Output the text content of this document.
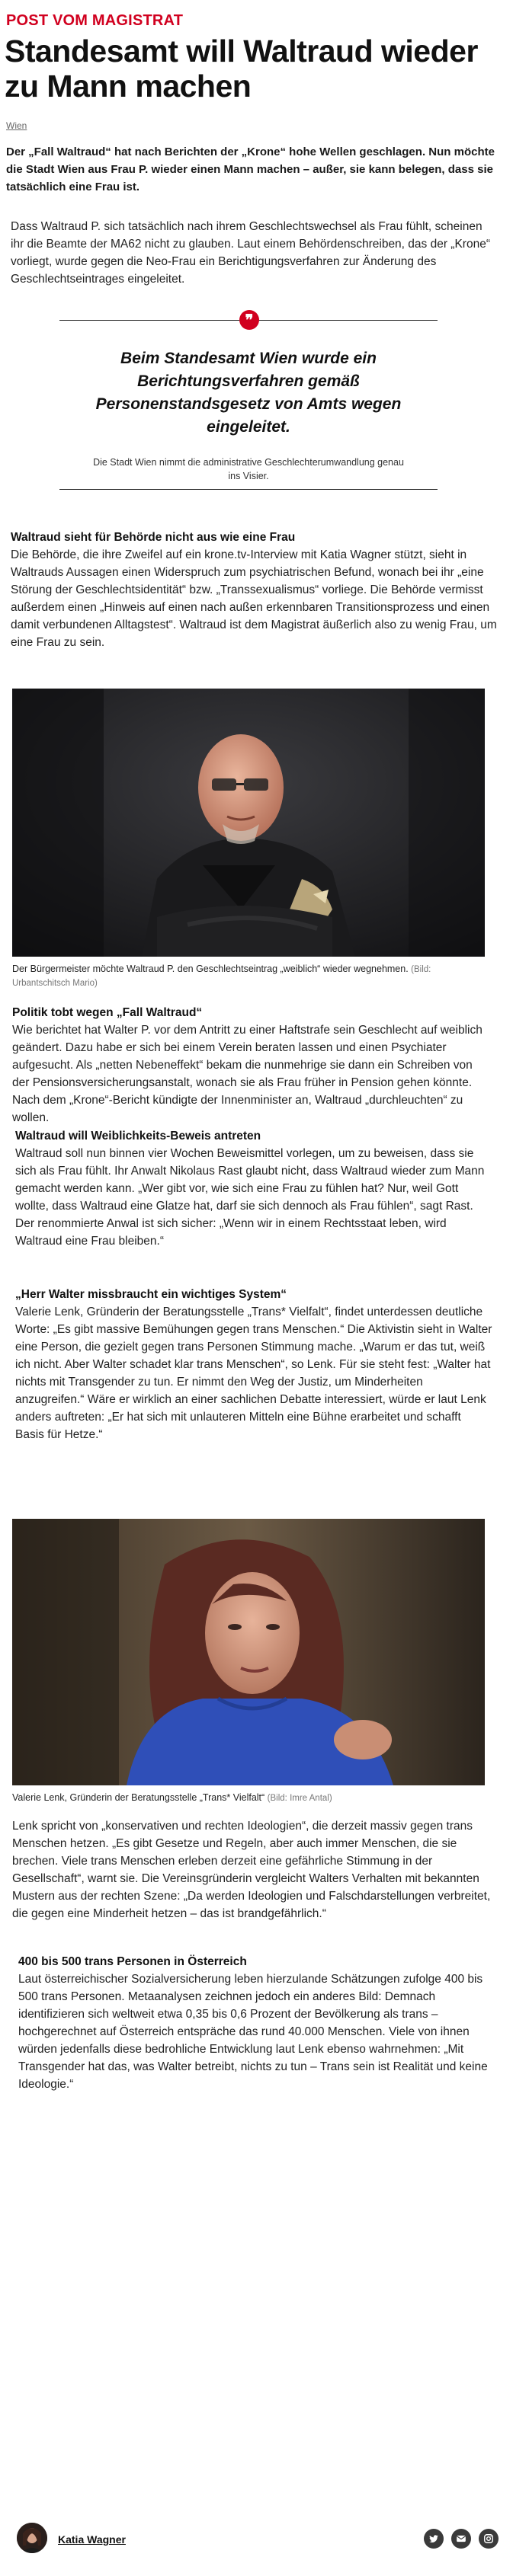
POST VOM MAGISTRAT
Standesamt will Waltraud wieder zu Mann machen
Wien
Der „Fall Waltraud“ hat nach Berichten der „Krone“ hohe Wellen geschlagen. Nun möchte die Stadt Wien aus Frau P. wieder einen Mann machen – außer, sie kann belegen, dass sie tatsächlich eine Frau ist.

Dass Waltraud P. sich tatsächlich nach ihrem Geschlechtswechsel als Frau fühlt, scheinen ihr die Beamte der MA62 nicht zu glauben. Laut einem Behördenschreiben, das der „Krone“ vorliegt, wurde gegen die Neo-Frau ein Berichtigungsverfahren zur Änderung des Geschlechtseintrages eingeleitet.

❞
Beim Standesamt Wien wurde ein Berichtungsverfahren gemäß Personenstandsgesetz von Amts wegen eingeleitet.
Die Stadt Wien nimmt die administrative Geschlechterumwandlung genau ins Visier.

Waltraud sieht für Behörde nicht aus wie eine Frau

Die Behörde, die ihre Zweifel auf ein krone.tv-Interview mit Katia Wagner stützt, sieht in Waltrauds Aussagen einen Widerspruch zum psychiatrischen Befund, wonach bei ihr „eine Störung der Geschlechtsidentität“ bzw. „Transsexualismus“ vorliege. Die Behörde vermisst außerdem einen „Hinweis auf einen nach außen erkennbaren Transitionsprozess und einen damit verbundenen Alltagstest“. Waltraud ist dem Magistrat äußerlich also zu wenig Frau, um eine Frau zu sein.

Der Bürgermeister möchte Waltraud P. den Geschlechtseintrag „weiblich“ wieder wegnehmen. (Bild: Urbantschitsch Mario)

Politik tobt wegen „Fall Waltraud“

Wie berichtet hat Walter P. vor dem Antritt zu einer Haftstrafe sein Geschlecht auf weiblich geändert. Dazu habe er sich bei einem Verein beraten lassen und einen Psychiater aufgesucht. Als „netten Nebeneffekt“ bekam die nunmehrige sie dann ein Schreiben von der Pensionsversicherungsanstalt, wonach sie als Frau früher in Pension gehen könnte. Nach dem „Krone“-Bericht kündigte der Innenminister an, Waltraud „durchleuchten“ zu wollen.

Waltraud will Weiblichkeits-Beweis antreten

Waltraud soll nun binnen vier Wochen Beweismittel vorlegen, um zu beweisen, dass sie sich als Frau fühlt. Ihr Anwalt Nikolaus Rast glaubt nicht, dass Waltraud wieder zum Mann gemacht werden kann. „Wer gibt vor, wie sich eine Frau zu fühlen hat? Nur, weil Gott wollte, dass Waltraud eine Glatze hat, darf sie sich dennoch als Frau fühlen“, sagt Rast. Der renommierte Anwal ist sich sicher: „Wenn wir in einem Rechtsstaat leben, wird Waltraud eine Frau bleiben.“

„Herr Walter missbraucht ein wichtiges System“

Valerie Lenk, Gründerin der Beratungsstelle „Trans* Vielfalt“, findet unterdessen deutliche Worte: „Es gibt massive Bemühungen gegen trans Menschen.“ Die Aktivistin sieht in Walter eine Person, die gezielt gegen trans Personen Stimmung mache. „Warum er das tut, weiß ich nicht. Aber Walter schadet klar trans Menschen“, so Lenk. Für sie steht fest: „Walter hat nichts mit Transgender zu tun. Er nimmt den Weg der Justiz, um Minderheiten anzugreifen.“ Wäre er wirklich an einer sachlichen Debatte interessiert, würde er laut Lenk anders auftreten: „Er hat sich mit unlauteren Mitteln eine Bühne erarbeitet und schafft Basis für Hetze.“

Valerie Lenk, Gründerin der Beratungsstelle „Trans* Vielfalt“ (Bild: Imre Antal)

Lenk spricht von „konservativen und rechten Ideologien“, die derzeit massiv gegen trans Menschen hetzen. „Es gibt Gesetze und Regeln, aber auch immer Menschen, die sie brechen. Viele trans Menschen erleben derzeit eine gefährliche Stimmung in der Gesellschaft“, warnt sie. Die Vereinsgründerin vergleicht Walters Verhalten mit bekannten Mustern aus der rechten Szene: „Da werden Ideologien und Falschdarstellungen verbreitet, die gegen eine Minderheit hetzen – das ist brandgefährlich.“

400 bis 500 trans Personen in Österreich

Laut österreichischer Sozialversicherung leben hierzulande Schätzungen zufolge 400 bis 500 trans Personen. Metaanalysen zeichnen jedoch ein anderes Bild: Demnach identifizieren sich weltweit etwa 0,35 bis 0,6 Prozent der Bevölkerung als trans – hochgerechnet auf Österreich entspräche das rund 40.000 Menschen. Viele von ihnen würden jedenfalls diese bedrohliche Entwicklung laut Lenk ebenso wahrnehmen: „Mit Transgender hat das, was Walter betreibt, nichts zu tun – Trans sein ist Realität und keine Ideologie.“

Katia Wagner
